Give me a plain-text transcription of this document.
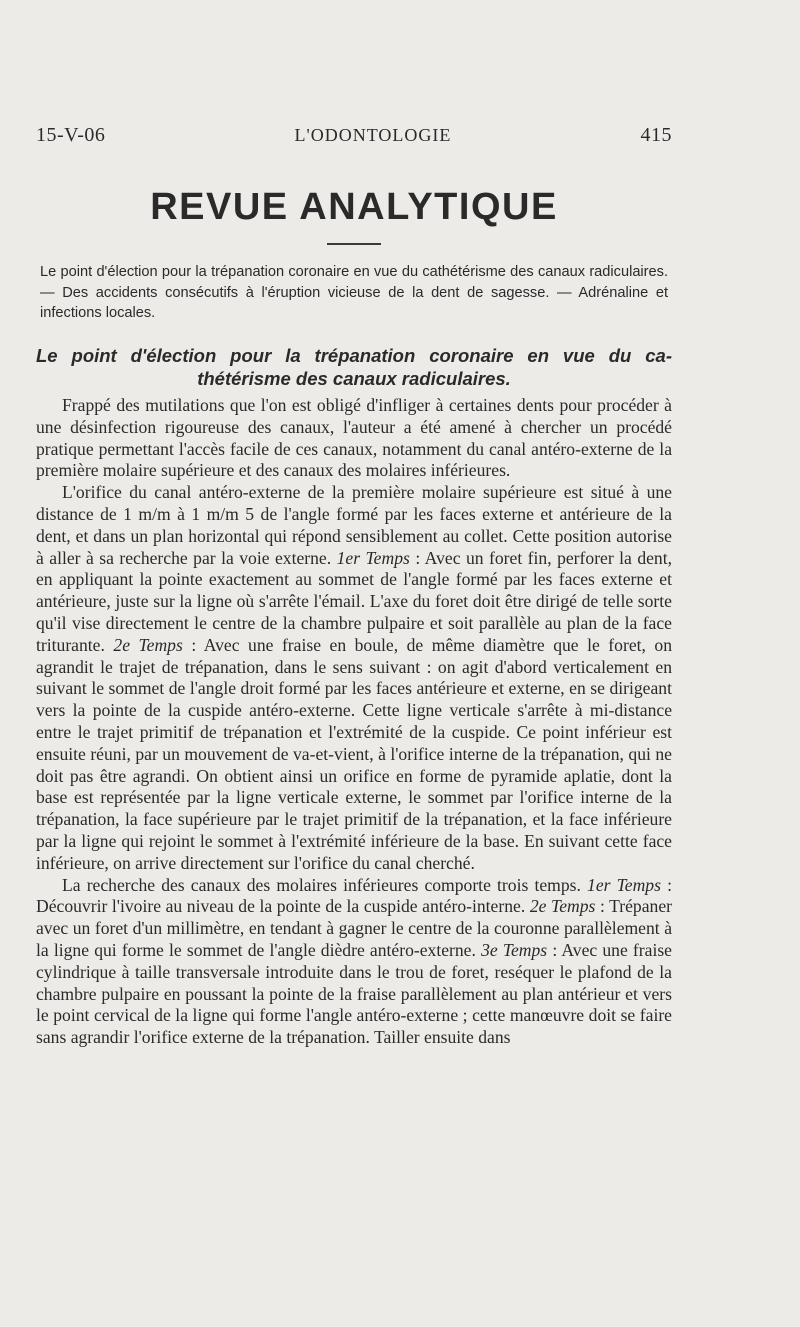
15-V-06	L'ODONTOLOGIE	415
REVUE ANALYTIQUE

Le point d'élection pour la trépanation coronaire en vue du cathétérisme des canaux radiculaires. — Des accidents consécutifs à l'éruption vicieuse de la dent de sagesse. — Adrénaline et infections locales.

Le point d'élection pour la trépanation coronaire en vue du ca-
thétérisme des canaux radiculaires.

Frappé des mutilations que l'on est obligé d'infliger à certaines dents pour procéder à une désinfection rigoureuse des canaux, l'auteur a été amené à chercher un procédé pratique permettant l'accès facile de ces canaux, notamment du canal antéro-externe de la première molaire supérieure et des canaux des molaires inférieures.

L'orifice du canal antéro-externe de la première molaire supérieure est situé à une distance de 1 m/m à 1 m/m 5 de l'angle formé par les faces externe et antérieure de la dent, et dans un plan horizontal qui répond sensiblement au collet. Cette position autorise à aller à sa recherche par la voie externe. 1er Temps : Avec un foret fin, perforer la dent, en appliquant la pointe exactement au sommet de l'angle formé par les faces externe et antérieure, juste sur la ligne où s'arrête l'émail. L'axe du foret doit être dirigé de telle sorte qu'il vise directement le centre de la chambre pulpaire et soit parallèle au plan de la face triturante. 2e Temps : Avec une fraise en boule, de même diamètre que le foret, on agrandit le trajet de trépanation, dans le sens suivant : on agit d'abord verticalement en suivant le sommet de l'angle droit formé par les faces antérieure et externe, en se dirigeant vers la pointe de la cuspide antéro-externe. Cette ligne verticale s'arrête à mi-distance entre le trajet primitif de trépanation et l'extrémité de la cuspide. Ce point inférieur est ensuite réuni, par un mouvement de va-et-vient, à l'orifice interne de la trépanation, qui ne doit pas être agrandi. On obtient ainsi un orifice en forme de pyramide aplatie, dont la base est représentée par la ligne verticale externe, le sommet par l'orifice interne de la trépanation, la face supérieure par le trajet primitif de la trépanation, et la face inférieure par la ligne qui rejoint le sommet à l'extrémité inférieure de la base. En suivant cette face inférieure, on arrive directement sur l'orifice du canal cherché.

La recherche des canaux des molaires inférieures comporte trois temps. 1er Temps : Découvrir l'ivoire au niveau de la pointe de la cuspide antéro-interne. 2e Temps : Trépaner avec un foret d'un millimètre, en tendant à gagner le centre de la couronne parallèlement à la ligne qui forme le sommet de l'angle dièdre antéro-externe. 3e Temps : Avec une fraise cylindrique à taille transversale introduite dans le trou de foret, reséquer le plafond de la chambre pulpaire en poussant la pointe de la fraise parallèlement au plan antérieur et vers le point cervical de la ligne qui forme l'angle antéro-externe ; cette manœuvre doit se faire sans agrandir l'orifice externe de la trépanation. Tailler ensuite dans
